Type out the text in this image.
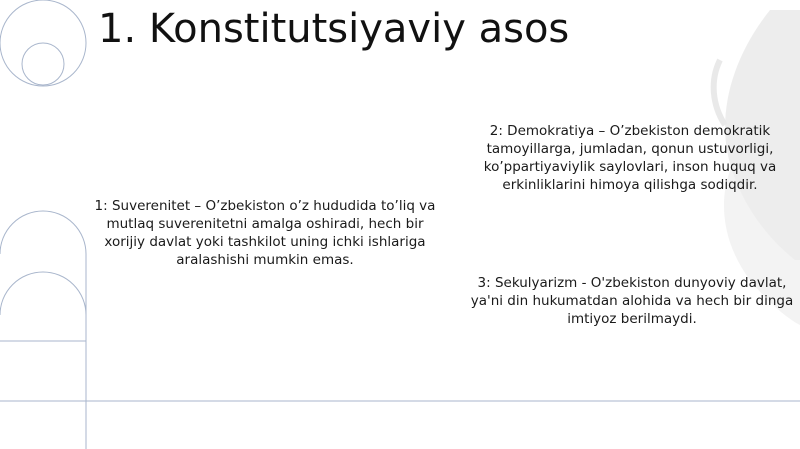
1. Konstitutsiyaviy asos

1: Suverenitet – O’zbekiston o’z hududida to’liq va mutlaq suverenitetni amalga oshiradi, hech bir xorijiy davlat yoki tashkilot uning ichki ishlariga aralashishi mumkin emas.

2: Demokratiya – O’zbekiston demokratik tamoyillarga, jumladan, qonun ustuvorligi, ko’ppartiyaviylik saylovlari, inson huquq va erkinliklarini himoya qilishga sodiqdir.

3: Sekulyarizm - O'zbekiston dunyoviy davlat, ya'ni din hukumatdan alohida va hech bir dinga imtiyoz berilmaydi.
